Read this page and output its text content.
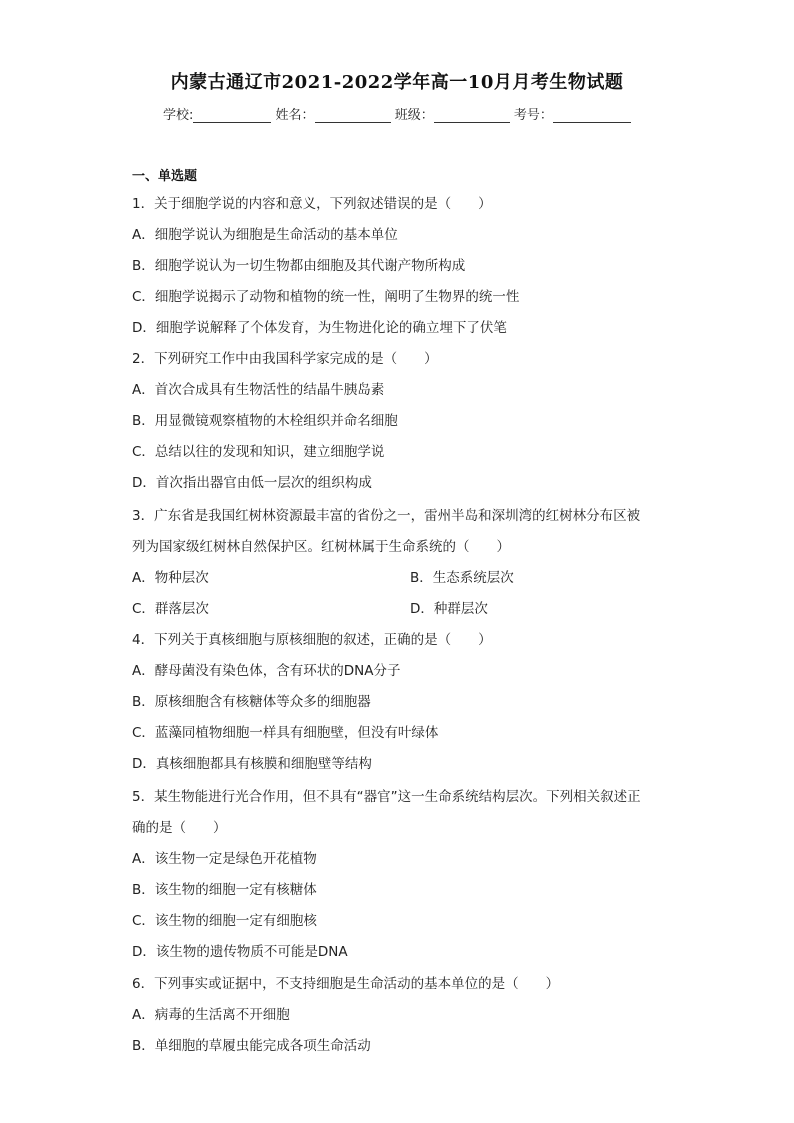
内蒙古通辽市2021-2022学年高一10月月考生物试题
学校:	姓名：	班级：	考号：
一、单选题
1．关于细胞学说的内容和意义，下列叙述错误的是（　　）
A．细胞学说认为细胞是生命活动的基本单位
B．细胞学说认为一切生物都由细胞及其代谢产物所构成
C．细胞学说揭示了动物和植物的统一性，阐明了生物界的统一性
D．细胞学说解释了个体发育，为生物进化论的确立埋下了伏笔
2．下列研究工作中由我国科学家完成的是（　　）
A．首次合成具有生物活性的结晶牛胰岛素
B．用显微镜观察植物的木栓组织并命名细胞
C．总结以往的发现和知识，建立细胞学说
D．首次指出器官由低一层次的组织构成
3．广东省是我国红树林资源最丰富的省份之一，雷州半岛和深圳湾的红树林分布区被
列为国家级红树林自然保护区。红树林属于生命系统的（　　）
A．物种层次	B．生态系统层次
C．群落层次	D．种群层次
4．下列关于真核细胞与原核细胞的叙述，正确的是（　　）
A．酵母菌没有染色体，含有环状的DNA分子
B．原核细胞含有核糖体等众多的细胞器
C．蓝藻同植物细胞一样具有细胞壁，但没有叶绿体
D．真核细胞都具有核膜和细胞壁等结构
5．某生物能进行光合作用，但不具有“器官”这一生命系统结构层次。下列相关叙述正
确的是（　　）
A．该生物一定是绿色开花植物
B．该生物的细胞一定有核糖体
C．该生物的细胞一定有细胞核
D．该生物的遗传物质不可能是DNA
6．下列事实或证据中，不支持细胞是生命活动的基本单位的是（　　）
A．病毒的生活离不开细胞
B．单细胞的草履虫能完成各项生命活动
